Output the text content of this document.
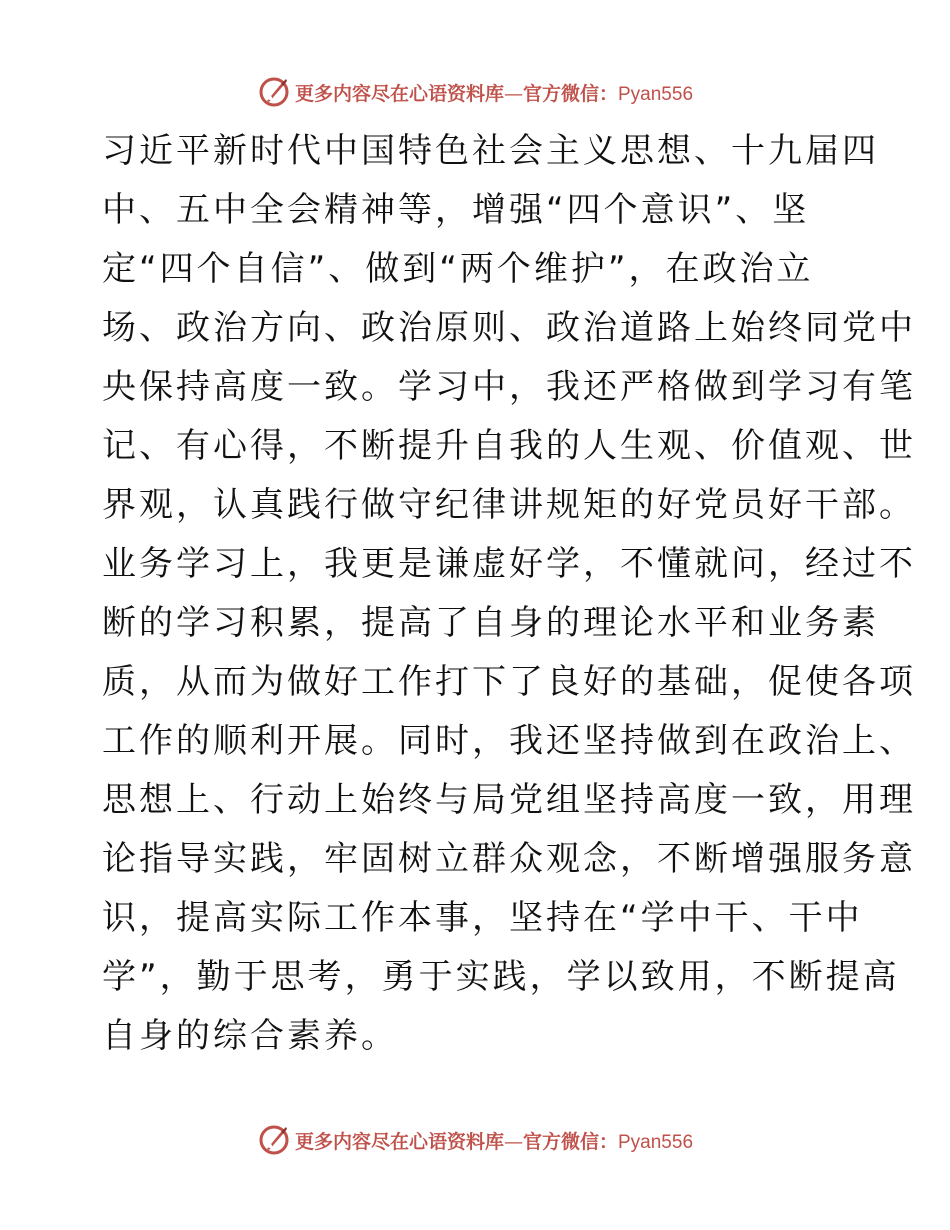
更多内容尽在心语资料库—官方微信：Pyan556
习近平新时代中国特色社会主义思想、十九届四
中、五中全会精神等，增强“四个意识”、坚
定“四个自信”、做到“两个维护”，在政治立
场、政治方向、政治原则、政治道路上始终同党中
央保持高度一致。学习中，我还严格做到学习有笔
记、有心得，不断提升自我的人生观、价值观、世
界观，认真践行做守纪律讲规矩的好党员好干部。
业务学习上，我更是谦虚好学，不懂就问，经过不
断的学习积累，提高了自身的理论水平和业务素
质，从而为做好工作打下了良好的基础，促使各项
工作的顺利开展。同时，我还坚持做到在政治上、
思想上、行动上始终与局党组坚持高度一致，用理
论指导实践，牢固树立群众观念，不断增强服务意
识，提高实际工作本事，坚持在“学中干、干中
学”，勤于思考，勇于实践，学以致用，不断提高
自身的综合素养。
更多内容尽在心语资料库—官方微信：Pyan556
